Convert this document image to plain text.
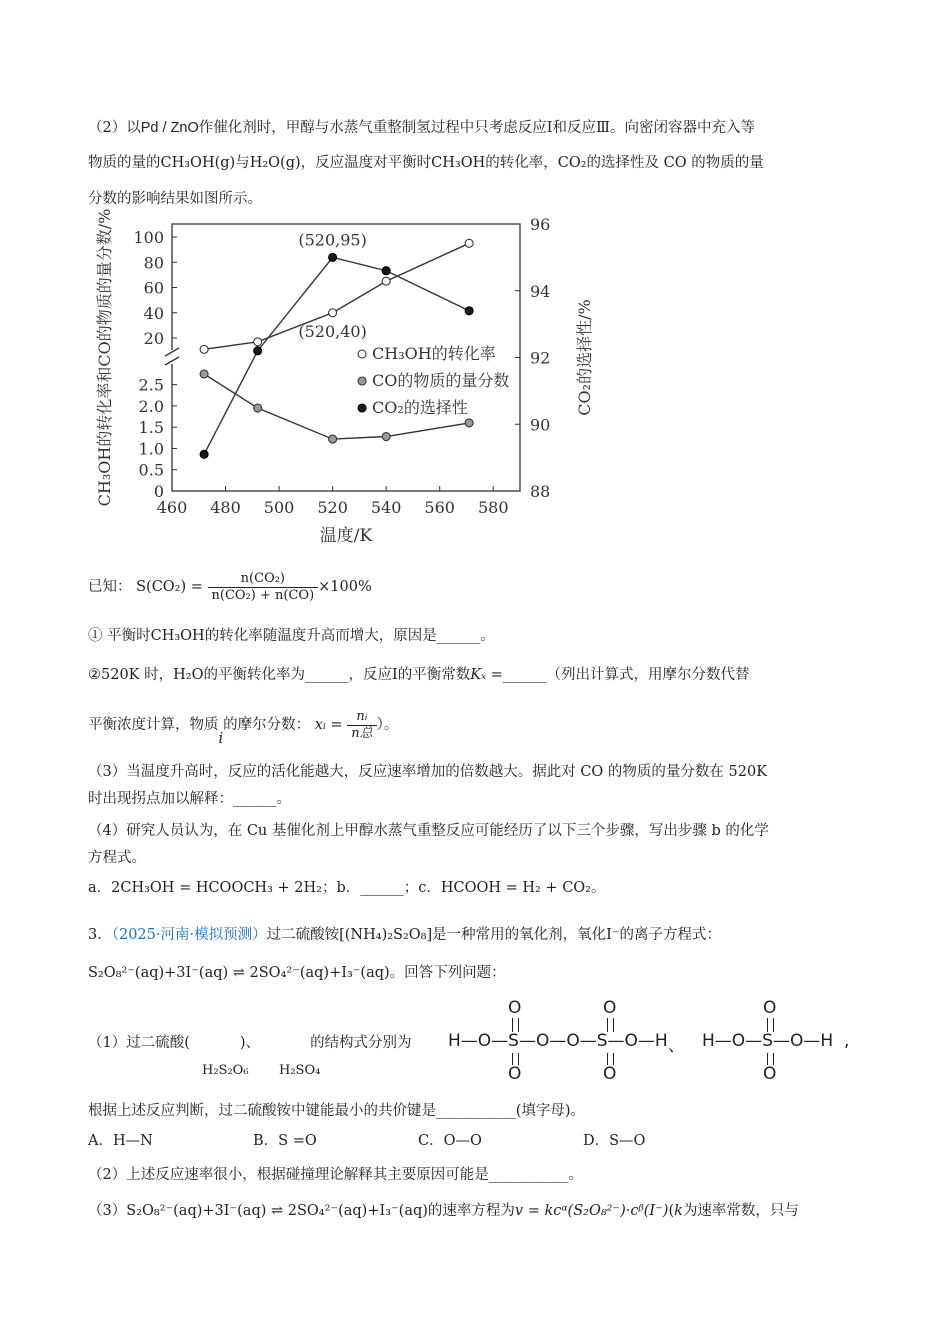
（2）以Pd / ZnO作催化剂时，甲醇与水蒸气重整制氢过程中只考虑反应Ⅰ和反应Ⅲ。向密闭容器中充入等
物质的量的CH₃OH(g)与H₂O(g)，反应温度对平衡时CH₃OH的转化率，CO₂的选择性及 CO 的物质的量
分数的影响结果如图所示。
460 480 500 520 540 560 580
100
80
60
40
20
2.5
2.0
1.5
1.0
0.5
0
96
94
92
90
88
温度/K
CH₃OH的转化率和CO的物质的量分数/%	CO₂的选择性/%
(520,95)
(520,40)
CH₃OH的转化率
CO的物质的量分数
CO₂的选择性
已知： $S(CO_2) = \frac{\text{n(CO₂)}}{\text{n(CO₂) + n(CO)}} \times 100\%$
① 平衡时CH₃OH的转化率随温度升高而增大，原因是______。
②520K 时，H₂O的平衡转化率为______，反应Ⅰ的平衡常数Kₓ =______（列出计算式，用摩尔分数代替
平衡浓度计算，物质i的摩尔分数： xᵢ = $\frac{\text{nᵢ}}{\text{n总}}$ ）。
（3）当温度升高时，反应的活化能越大，反应速率增加的倍数越大。据此对 CO 的物质的量分数在 520K
时出现拐点加以解释：______。
（4）研究人员认为，在 Cu 基催化剂上甲醇水蒸气重整反应可能经历了以下三个步骤，写出步骤 b 的化学
方程式。
a．2CH₃OH = HCOOCH₃ + 2H₂；b．______；c．HCOOH = H₂ + CO₂。
3．（2025·河南·模拟预测）过二硫酸铵[(NH₄)₂S₂O₈]是一种常用的氧化剂，氧化I⁻的离子方程式：
S₂O₈²⁻(aq)+3I⁻(aq) ⇌ 2SO₄²⁻(aq)+I₃⁻(aq)。回答下列问题：
（1）过二硫酸(	)、	的结构式分别为
H₂S₂O₆ H₂SO₄
H—O—S—O—O—S—O—H 、 H—O—S—O—H ,
O
O
O
O
O
O
根据上述反应判断，过二硫酸铵中键能最小的共价键是___________(填字母)。
A．H—N	B．S =O	C．O—O	D．S—O
（2）上述反应速率很小，根据碰撞理论解释其主要原因可能是___________。
（3）S₂O₈²⁻(aq)+3I⁻(aq) ⇌ 2SO₄²⁻(aq)+I₃⁻(aq)的速率方程为v = kcᵅ(S₂O₈²⁻)·cᵝ(I⁻)(k为速率常数，只与
